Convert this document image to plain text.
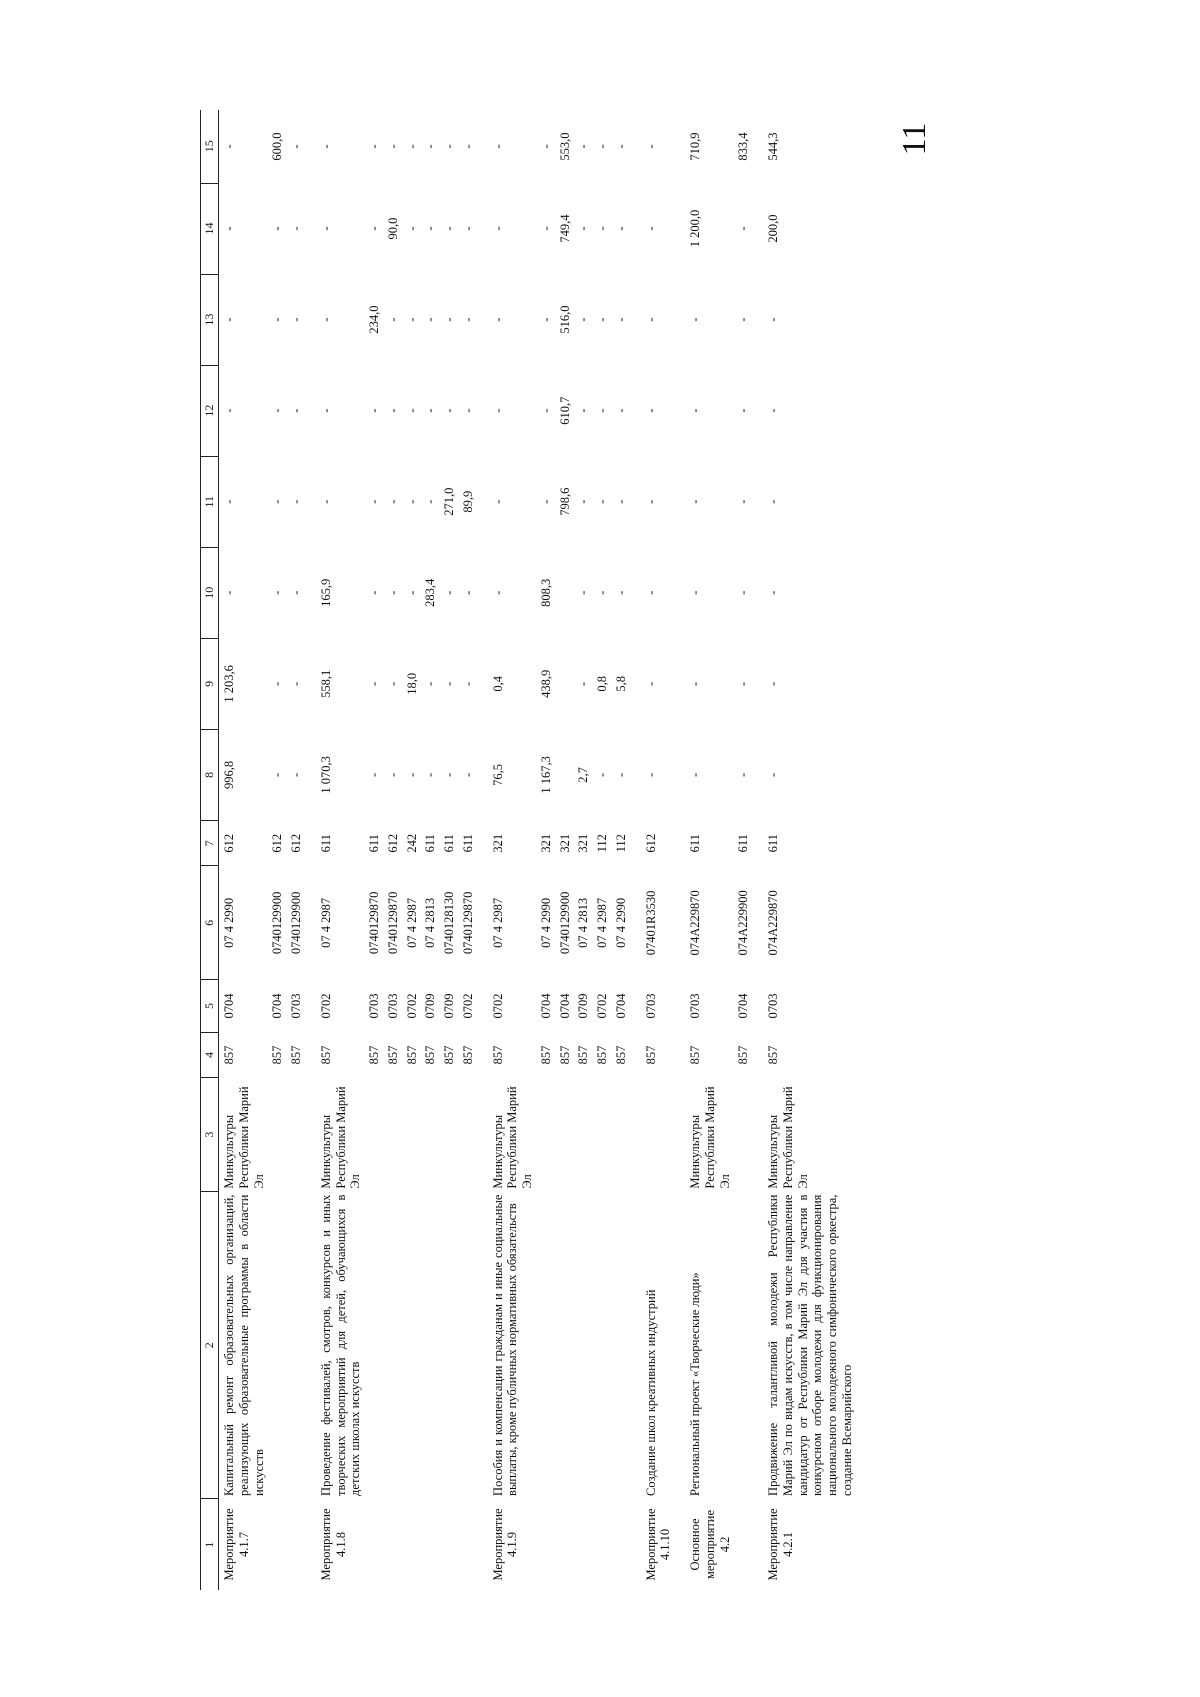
11
1	2	3	4	5	6	7	8	9	10	11	12	13	14	15
Мероприятие 4.1.7	Капитальный ремонт образовательных организаций, реализующих образовательные программы в области искусств	Минкультуры Республики Марий Эл	857	0704	07 4 2990	612	996,8	1 203,6	-	-	-	-	-	-
			857	0704	0740129900	612	-	-	-	-	-	-	-	600,0
			857	0703	0740129900	612	-	-	-	-	-	-	-	-
Мероприятие 4.1.8	Проведение фестивалей, смотров, конкурсов и иных творческих мероприятий для детей, обучающихся в детских школах искусств	Минкультуры Республики Марий Эл	857	0702	07 4 2987	611	1 070,3	558,1	165,9	-	-	-	-	-
			857	0703	0740129870	611	-	-	-	-	-	234,0	-	-
			857	0703	0740129870	612	-	-	-	-	-	-	90,0	-
			857	0702	07 4 2987	242	-	18,0	-	-	-	-	-	-
			857	0709	07 4 2813	611	-	-	283,4	-	-	-	-	-
			857	0709	0740128130	611	-	-	-	271,0	-	-	-	-
			857	0702	0740129870	611	-	-	-	89,9	-	-	-	-
Мероприятие 4.1.9	Пособия и компенсации гражданам и иные социальные выплаты, кроме публичных нормативных обязательств	Минкультуры Республики Марий Эл	857	0702	07 4 2987	321	76,5	0,4	-	-	-	-	-	-
			857	0704	07 4 2990	321	1 167,3	438,9	808,3	-	-	-	-	-
			857	0704	0740129900	321				798,6	610,7	516,0	749,4	553,0
			857	0709	07 4 2813	321	2,7	-	-	-	-	-	-	-
			857	0702	07 4 2987	112	-	0,8	-	-	-	-	-	-
			857	0704	07 4 2990	112	-	5,8	-	-	-	-	-	-
Мероприятие 4.1.10	Создание школ креативных индустрий		857	0703	07401R3530	612	-	-	-	-	-	-	-	-
Основное мероприятие 4.2	Региональный проект «Творческие люди»	Минкультуры Республики Марий Эл	857	0703	074A229870	611	-	-	-	-	-	-	1 200,0	710,9
			857	0704	074A229900	611	-	-	-	-	-	-	-	833,4
Мероприятие 4.2.1	Продвижение талантливой молодежи Республики Марий Эл по видам искусств, в том числе направление кандидатур от Республики Марий Эл для участия в конкурсном отборе молодежи для функционирования национального молодежного симфонического оркестра, создание Всемарийского	Минкультуры Республики Марий Эл	857	0703	074A229870	611	-	-	-	-	-	-	200,0	544,3
